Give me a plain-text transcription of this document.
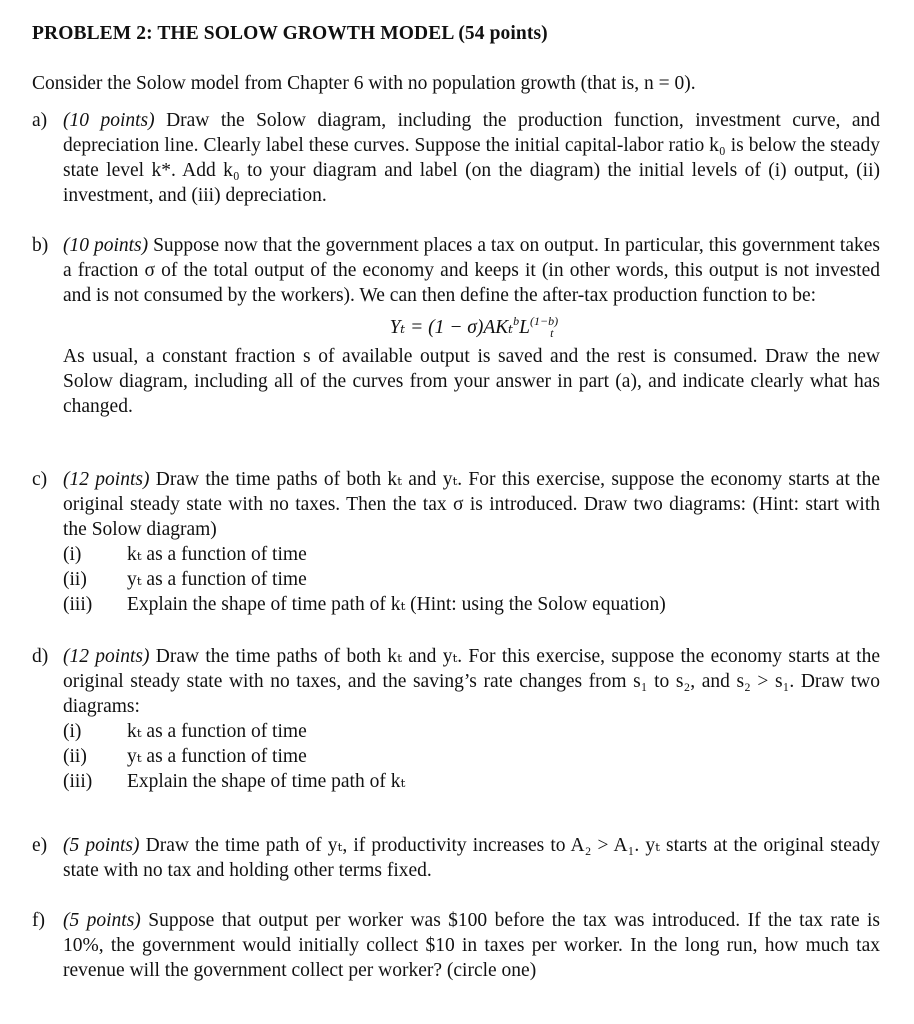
PROBLEM 2: THE SOLOW GROWTH MODEL (54 points)
Consider the Solow model from Chapter 6 with no population growth (that is, n = 0).
a) (10 points) Draw the Solow diagram, including the production function, investment curve, and depreciation line. Clearly label these curves. Suppose the initial capital-labor ratio k₀ is below the steady state level k*. Add k₀ to your diagram and label (on the diagram) the initial levels of (i) output, (ii) investment, and (iii) depreciation.

b) (10 points) Suppose now that the government places a tax on output. In particular, this government takes a fraction σ of the total output of the economy and keeps it (in other words, this output is not invested and is not consumed by the workers). We can then define the after-tax production function to be:

$Y_t = (1 - \sigma)AK_t^bL^{(1-b)}_t$

As usual, a constant fraction s of available output is saved and the rest is consumed. Draw the new Solow diagram, including all of the curves from your answer in part (a), and indicate clearly what has changed.

c) (12 points) Draw the time paths of both kₜ and yₜ. For this exercise, suppose the economy starts at the original steady state with no taxes. Then the tax σ is introduced. Draw two diagrams: (Hint: start with the Solow diagram)

(i) kₜ as a function of time
(ii) yₜ as a function of time
(iii) Explain the shape of time path of kₜ (Hint: using the Solow equation)
d) (12 points) Draw the time paths of both kₜ and yₜ. For this exercise, suppose the economy starts at the original steady state with no taxes, and the saving’s rate changes from s₁ to s₂, and s₂ > s₁. Draw two diagrams:

(i) kₜ as a function of time
(ii) yₜ as a function of time
(iii) Explain the shape of time path of kₜ
e) (5 points) Draw the time path of yₜ, if productivity increases to A₂ > A₁. yₜ starts at the original steady state with no tax and holding other terms fixed.

f) (5 points) Suppose that output per worker was $100 before the tax was introduced. If the tax rate is 10%, the government would initially collect $10 in taxes per worker. In the long run, how much tax revenue will the government collect per worker? (circle one)
